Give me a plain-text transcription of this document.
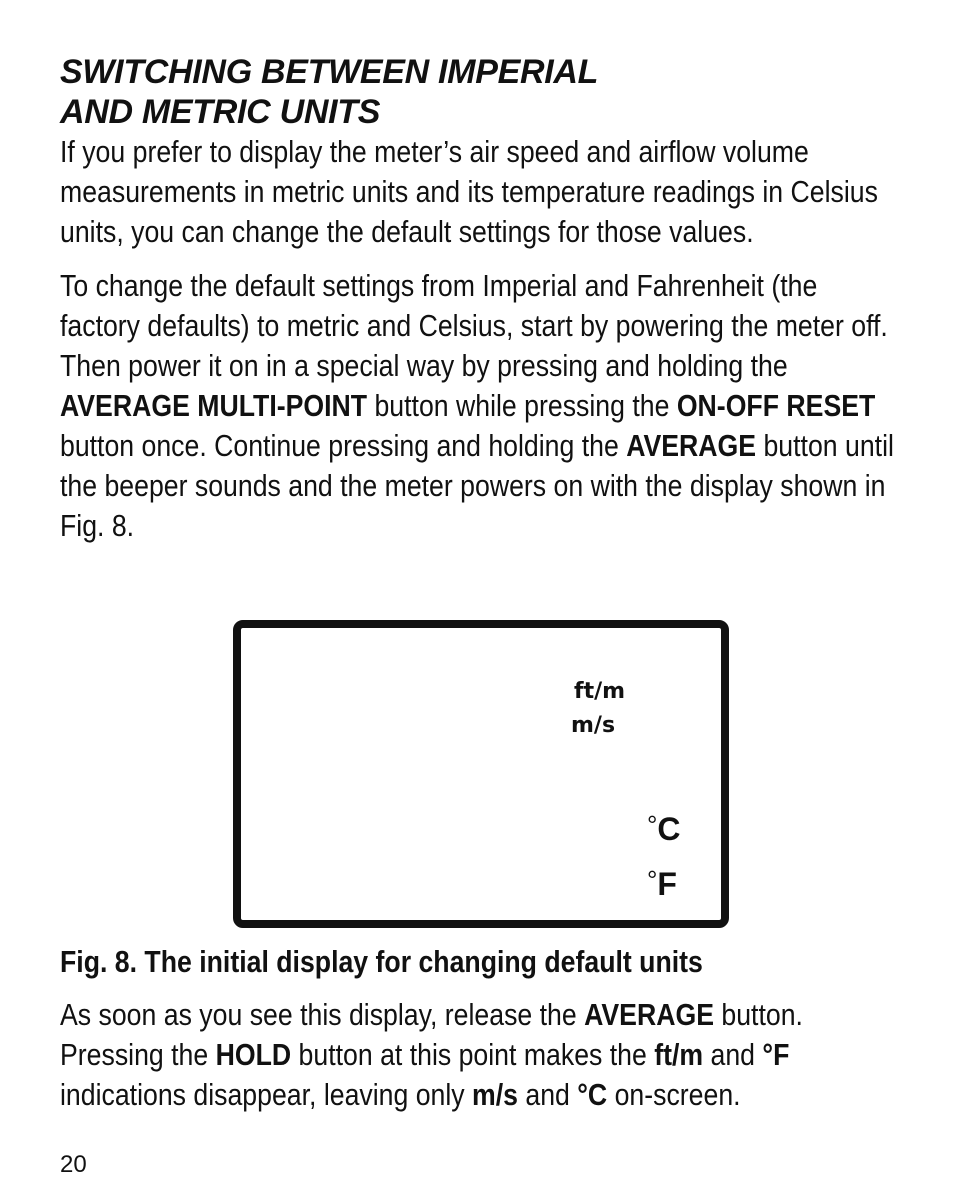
SWITCHING BETWEEN IMPERIAL
AND METRIC UNITS

If you prefer to display the meter’s air speed and airflow volume measurements in metric units and its temperature readings in Celsius units, you can change the default settings for those values.

To change the default settings from Imperial and Fahrenheit (the factory defaults) to metric and Celsius, start by powering the meter off. Then power it on in a special way by pressing and holding the AVERAGE MULTI-POINT button while pressing the ON-OFF RESET button once. Continue pressing and holding the AVERAGE button until the beeper sounds and the meter powers on with the display shown in Fig. 8.

ft/m
m/s
°C
°F

Fig. 8. The initial display for changing default units

As soon as you see this display, release the AVERAGE button. Pressing the HOLD button at this point makes the ft/m and °F indications disappear, leaving only m/s and °C on-screen.

20
